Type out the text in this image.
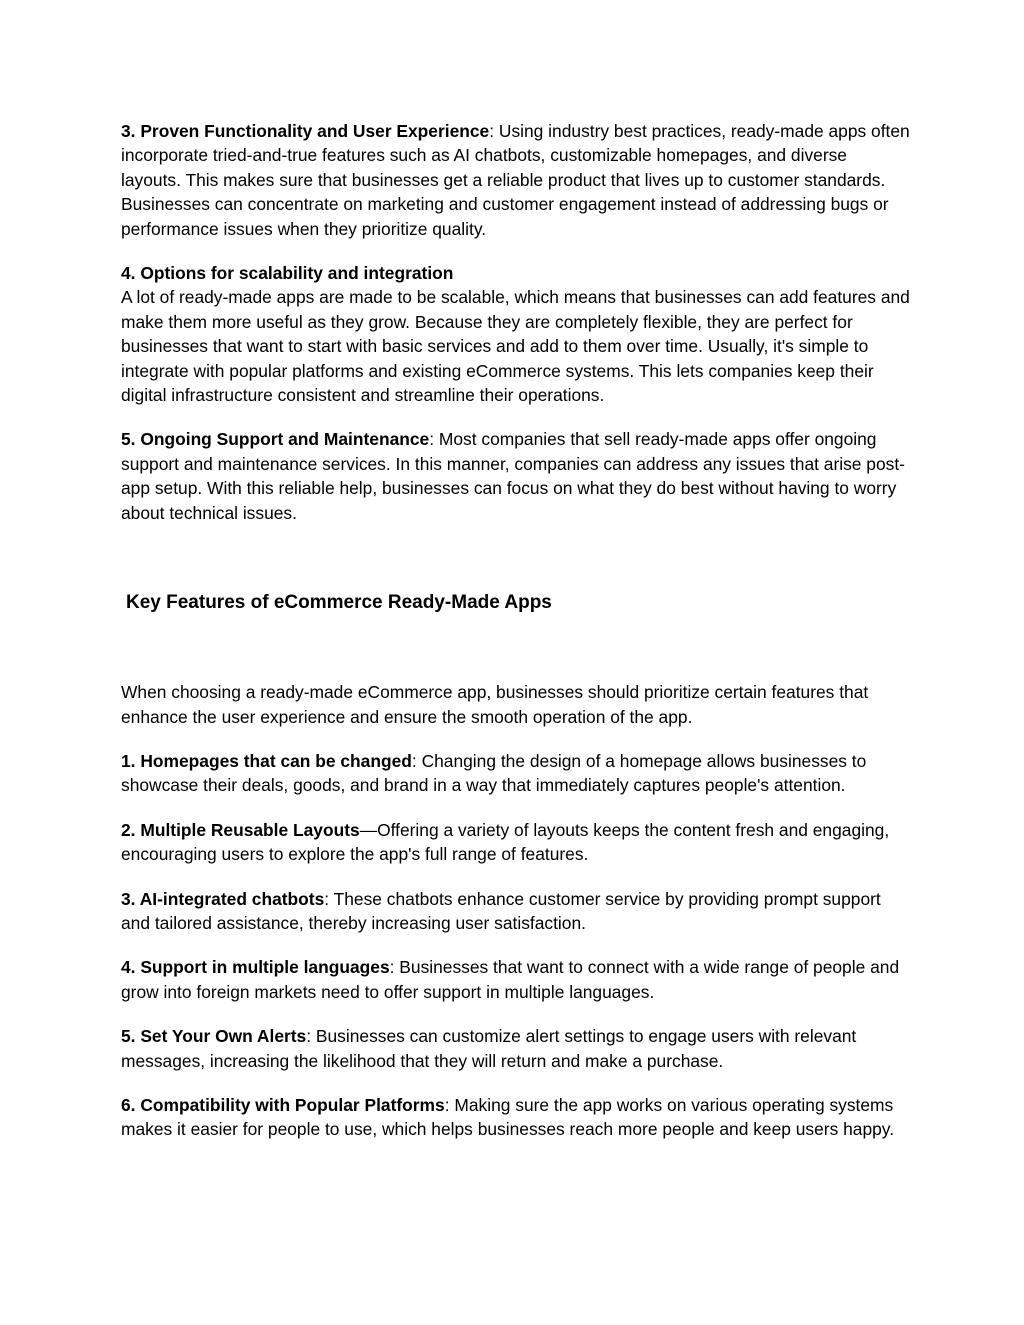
3. Proven Functionality and User Experience: Using industry best practices, ready-made apps often incorporate tried-and-true features such as AI chatbots, customizable homepages, and diverse layouts. This makes sure that businesses get a reliable product that lives up to customer standards. Businesses can concentrate on marketing and customer engagement instead of addressing bugs or performance issues when they prioritize quality.

4. Options for scalability and integration

A lot of ready-made apps are made to be scalable, which means that businesses can add features and make them more useful as they grow. Because they are completely flexible, they are perfect for businesses that want to start with basic services and add to them over time. Usually, it's simple to integrate with popular platforms and existing eCommerce systems. This lets companies keep their digital infrastructure consistent and streamline their operations.

5. Ongoing Support and Maintenance: Most companies that sell ready-made apps offer ongoing support and maintenance services. In this manner, companies can address any issues that arise post-app setup. With this reliable help, businesses can focus on what they do best without having to worry about technical issues.

Key Features of eCommerce Ready-Made Apps

When choosing a ready-made eCommerce app, businesses should prioritize certain features that enhance the user experience and ensure the smooth operation of the app.

1. Homepages that can be changed: Changing the design of a homepage allows businesses to showcase their deals, goods, and brand in a way that immediately captures people's attention.

2. Multiple Reusable Layouts—Offering a variety of layouts keeps the content fresh and engaging, encouraging users to explore the app's full range of features.

3. AI-integrated chatbots: These chatbots enhance customer service by providing prompt support and tailored assistance, thereby increasing user satisfaction.

4. Support in multiple languages: Businesses that want to connect with a wide range of people and grow into foreign markets need to offer support in multiple languages.

5. Set Your Own Alerts: Businesses can customize alert settings to engage users with relevant messages, increasing the likelihood that they will return and make a purchase.

6. Compatibility with Popular Platforms: Making sure the app works on various operating systems makes it easier for people to use, which helps businesses reach more people and keep users happy.
